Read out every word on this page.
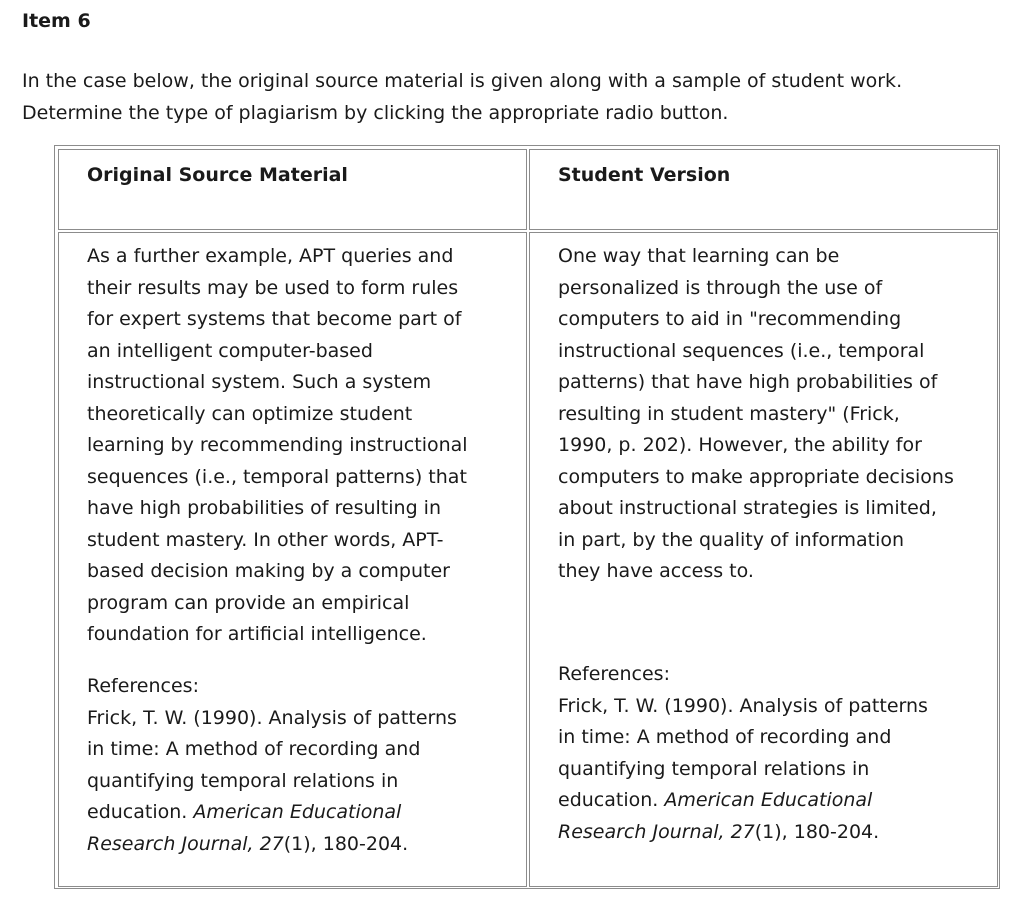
Item 6

In the case below, the original source material is given along with a sample of student work.
Determine the type of plagiarism by clicking the appropriate radio button.

Original Source Material	Student Version

As a further example, APT queries and
their results may be used to form rules
for expert systems that become part of
an intelligent computer-based
instructional system. Such a system
theoretically can optimize student
learning by recommending instructional
sequences (i.e., temporal patterns) that
have high probabilities of resulting in
student mastery. In other words, APT-
based decision making by a computer
program can provide an empirical
foundation for artificial intelligence.

References:
Frick, T. W. (1990). Analysis of patterns
in time: A method of recording and
quantifying temporal relations in
education. American Educational
Research Journal, 27(1), 180-204.

One way that learning can be
personalized is through the use of
computers to aid in "recommending
instructional sequences (i.e., temporal
patterns) that have high probabilities of
resulting in student mastery" (Frick,
1990, p. 202). However, the ability for
computers to make appropriate decisions
about instructional strategies is limited,
in part, by the quality of information
they have access to.

References:
Frick, T. W. (1990). Analysis of patterns
in time: A method of recording and
quantifying temporal relations in
education. American Educational
Research Journal, 27(1), 180-204.
